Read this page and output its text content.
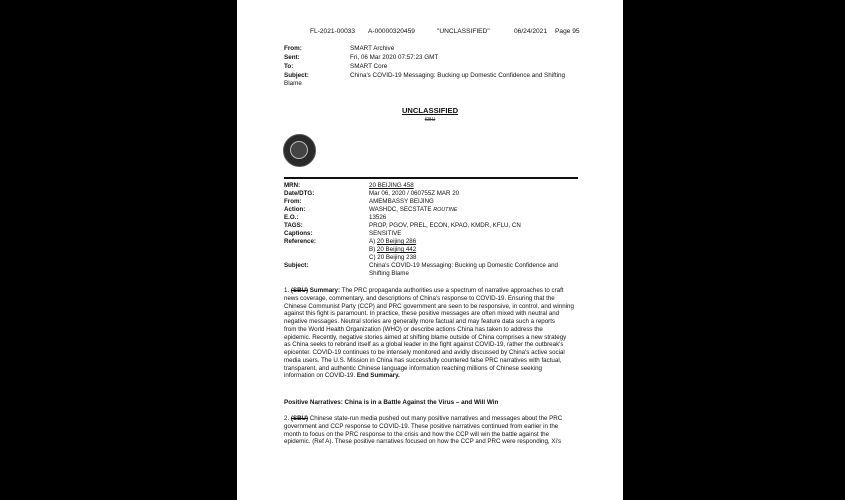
FL-2021-00033 A-00000320459	"UNCLASSIFIED"	06/24/2021 Page 95
From:	SMART Archive
Sent:	Fri, 06 Mar 2020 07:57:23 GMT
To:	SMART Core
Subject:	China's COVID-19 Messaging: Bucking up Domestic Confidence and Shifting
Blame
UNCLASSIFIED
SBU
MRN:	20 BEIJING 458
Date/DTG:	Mar 06, 2020 / 060755Z MAR 20
From:	AMEMBASSY BEIJING
Action:	WASHDC, SECSTATE ROUTINE
E.O.:	13526
TAGS:	PROP, PGOV, PREL, ECON, KPAO, KMDR, KFLU, CN
Captions:	SENSITIVE
Reference:	A) 20 Beijing 286
B) 20 Beijing 442
C) 20 Beijing 238
Subject:	China's COVID-19 Messaging: Bucking up Domestic Confidence and
Shifting Blame
1. (SBU) Summary: The PRC propaganda authorities use a spectrum of narrative approaches to craft
news coverage, commentary, and descriptions of China's response to COVID-19. Ensuring that the
Chinese Communist Party (CCP) and PRC government are seen to be responsive, in control, and winning
against this fight is paramount. In practice, these positive messages are often mixed with neutral and
negative messages. Neutral stories are generally more factual and may feature data such a reports
from the World Health Organization (WHO) or describe actions China has taken to address the
epidemic. Recently, negative stories aimed at shifting blame outside of China comprises a new strategy
as China seeks to rebrand itself as a global leader in the fight against COVID-19, rather the outbreak's
epicenter. COVID-19 continues to be intensely monitored and avidly discussed by China's active social
media users. The U.S. Mission in China has successfully countered false PRC narratives with factual,
transparent, and authentic Chinese language information reaching millions of Chinese seeking
information on COVID-19. End Summary.
Positive Narratives: China is in a Battle Against the Virus – and Will Win
2. (SBU) Chinese state-run media pushed out many positive narratives and messages about the PRC
government and CCP response to COVID-19. These positive narratives continued from earlier in the
month to focus on the PRC response to the crisis and how the CCP will win the battle against the
epidemic. (Ref A). These positive narratives focused on how the CCP and PRC were responding, Xi's
